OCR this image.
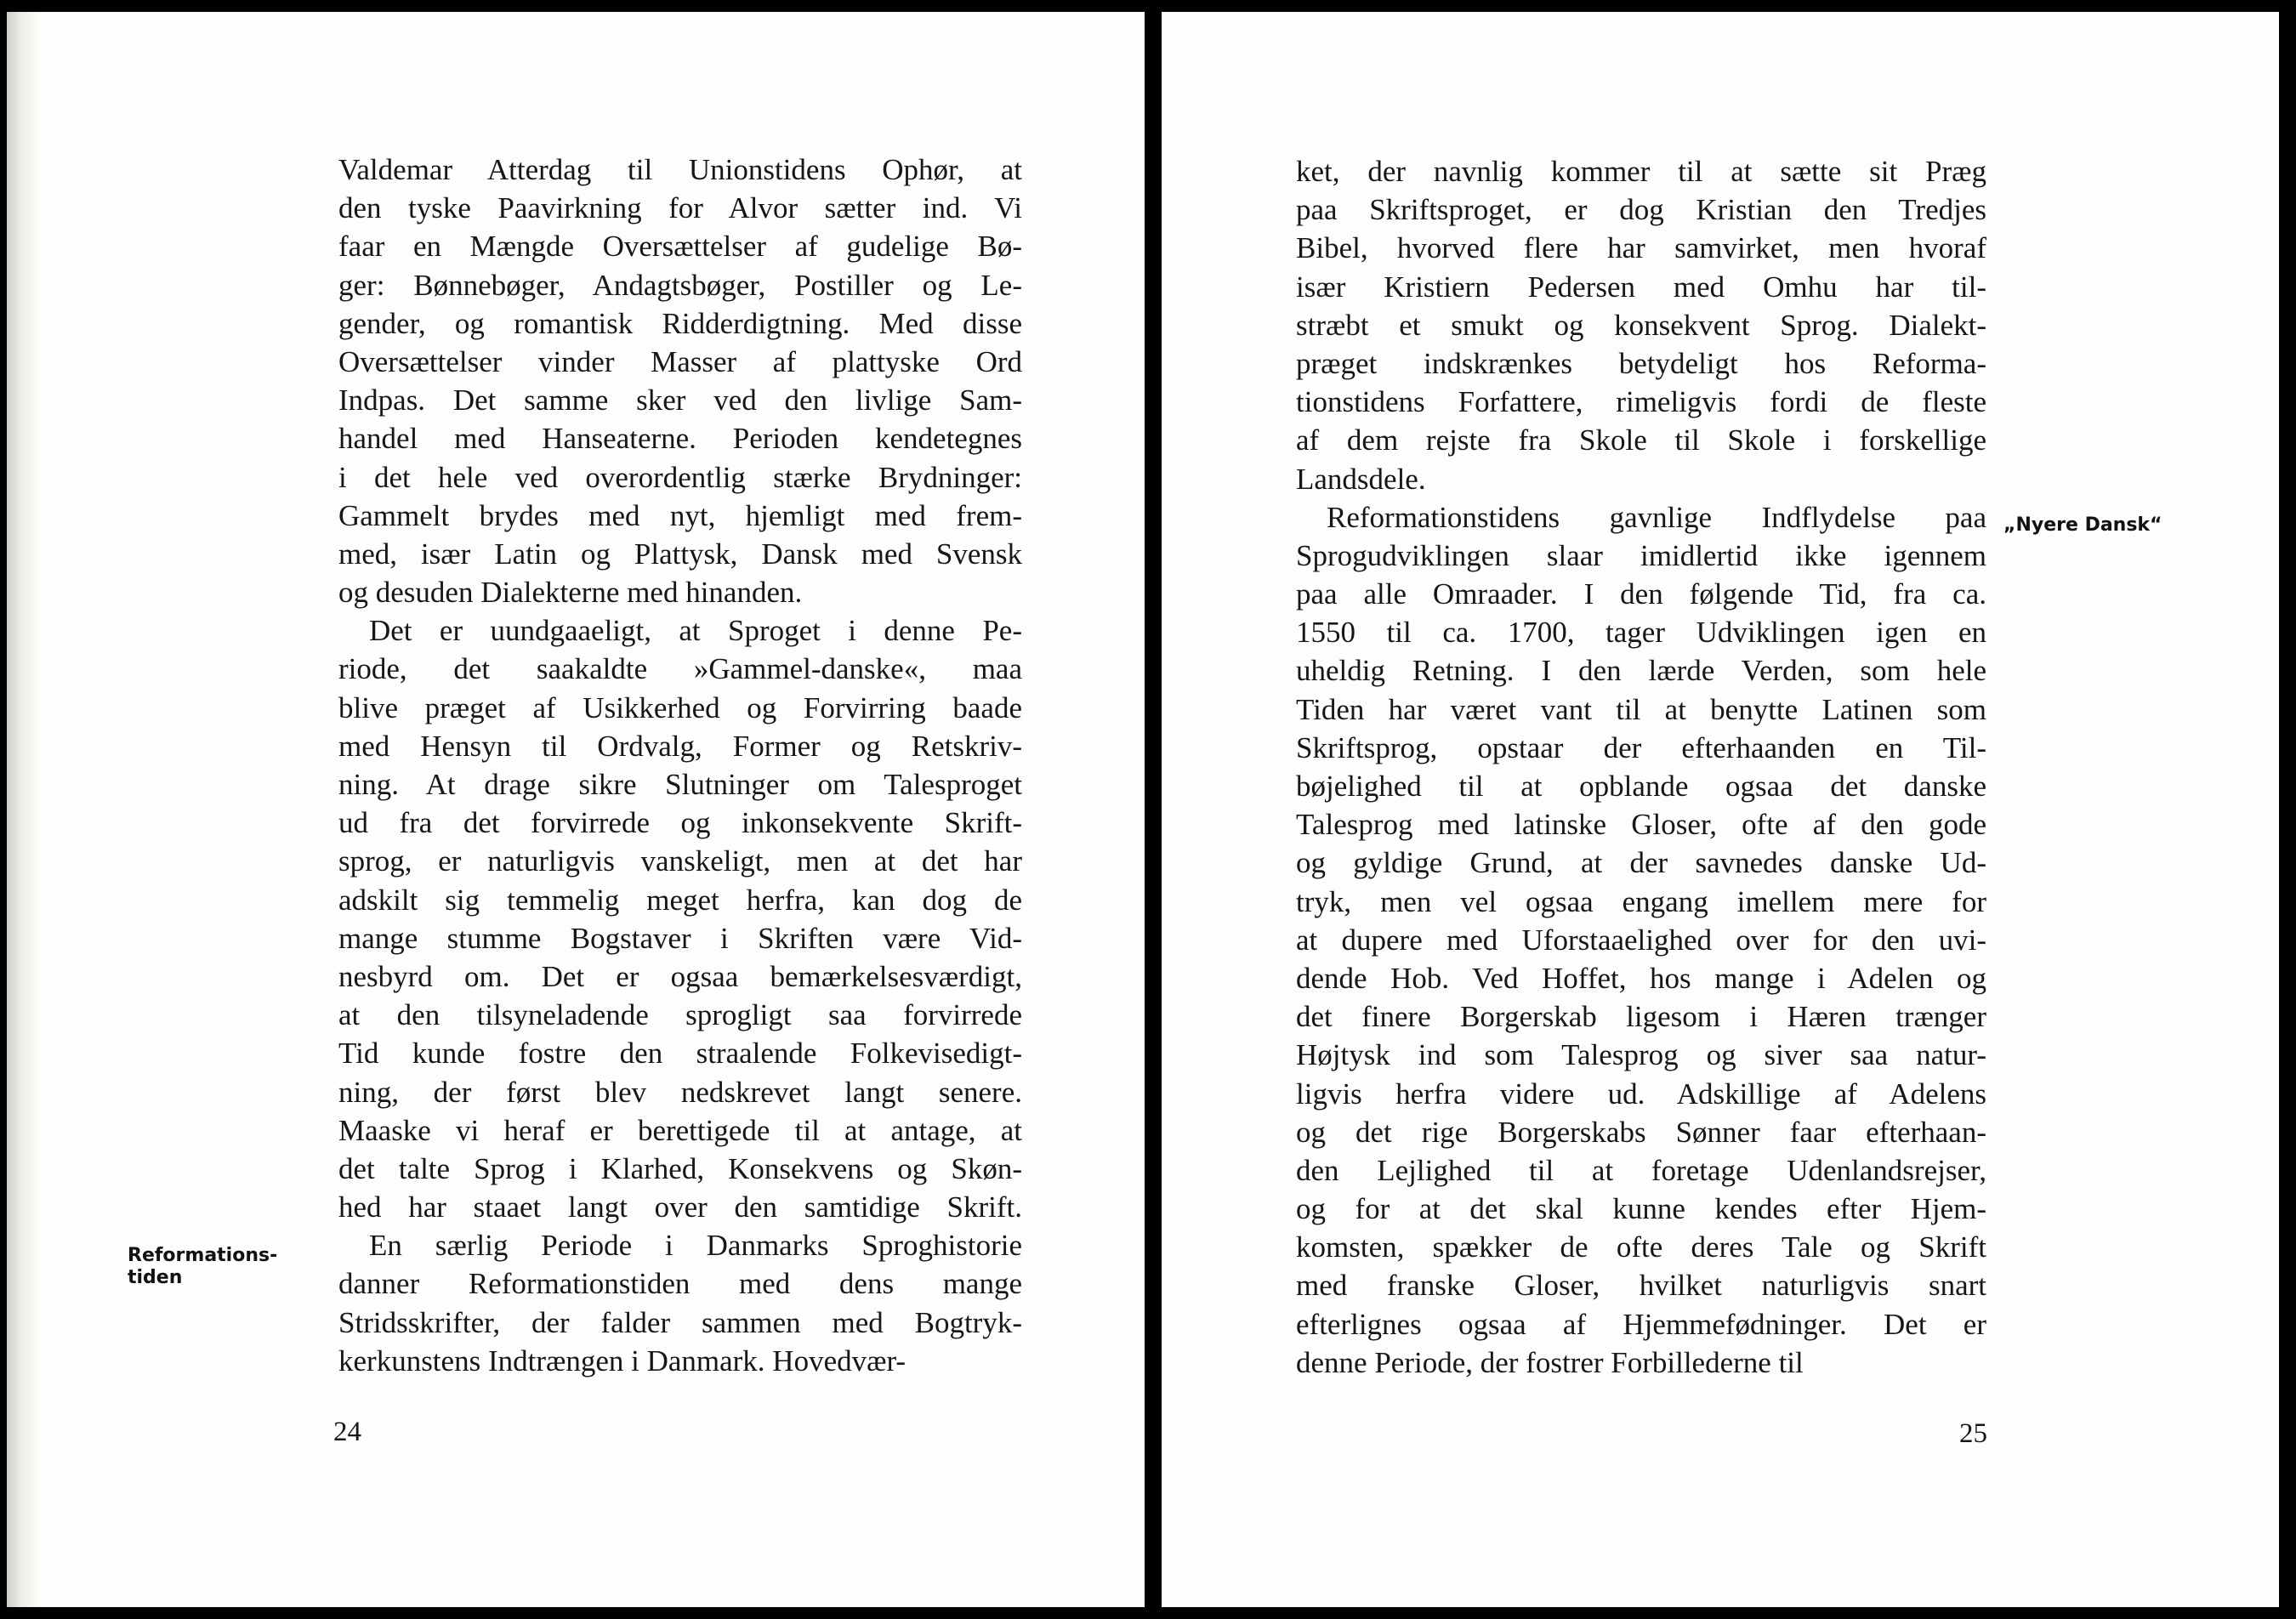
Valdemar Atterdag til Unionstidens Ophør, at
den tyske Paavirkning for Alvor sætter ind. Vi
faar en Mængde Oversættelser af gudelige Bø-
ger: Bønnebøger, Andagtsbøger, Postiller og Le-
gender, og romantisk Ridderdigtning. Med disse
Oversættelser vinder Masser af plattyske Ord
Indpas. Det samme sker ved den livlige Sam-
handel med Hanseaterne. Perioden kendetegnes
i det hele ved overordentlig stærke Brydninger:
Gammelt brydes med nyt, hjemligt med frem-
med, især Latin og Plattysk, Dansk med Svensk
og desuden Dialekterne med hinanden.
Det er uundgaaeligt, at Sproget i denne Pe-
riode, det saakaldte »Gammel-danske«, maa
blive præget af Usikkerhed og Forvirring baade
med Hensyn til Ordvalg, Former og Retskriv-
ning. At drage sikre Slutninger om Talesproget
ud fra det forvirrede og inkonsekvente Skrift-
sprog, er naturligvis vanskeligt, men at det har
adskilt sig temmelig meget herfra, kan dog de
mange stumme Bogstaver i Skriften være Vid-
nesbyrd om. Det er ogsaa bemærkelsesværdigt,
at den tilsyneladende sprogligt saa forvirrede
Tid kunde fostre den straalende Folkevisedigt-
ning, der først blev nedskrevet langt senere.
Maaske vi heraf er berettigede til at antage, at
det talte Sprog i Klarhed, Konsekvens og Skøn-
hed har staaet langt over den samtidige Skrift.
En særlig Periode i Danmarks Sproghistorie
danner Reformationstiden med dens mange
Stridsskrifter, der falder sammen med Bogtryk-
kerkunstens Indtrængen i Danmark. Hovedvær-
Reformations-
tiden
24
ket, der navnlig kommer til at sætte sit Præg
paa Skriftsproget, er dog Kristian den Tredjes
Bibel, hvorved flere har samvirket, men hvoraf
især Kristiern Pedersen med Omhu har til-
stræbt et smukt og konsekvent Sprog. Dialekt-
præget indskrænkes betydeligt hos Reforma-
tionstidens Forfattere, rimeligvis fordi de fleste
af dem rejste fra Skole til Skole i forskellige
Landsdele.
Reformationstidens gavnlige Indflydelse paa
Sprogudviklingen slaar imidlertid ikke igennem
paa alle Omraader. I den følgende Tid, fra ca.
1550 til ca. 1700, tager Udviklingen igen en
uheldig Retning. I den lærde Verden, som hele
Tiden har været vant til at benytte Latinen som
Skriftsprog, opstaar der efterhaanden en Til-
bøjelighed til at opblande ogsaa det danske
Talesprog med latinske Gloser, ofte af den gode
og gyldige Grund, at der savnedes danske Ud-
tryk, men vel ogsaa engang imellem mere for
at dupere med Uforstaaelighed over for den uvi-
dende Hob. Ved Hoffet, hos mange i Adelen og
det finere Borgerskab ligesom i Hæren trænger
Højtysk ind som Talesprog og siver saa natur-
ligvis herfra videre ud. Adskillige af Adelens
og det rige Borgerskabs Sønner faar efterhaan-
den Lejlighed til at foretage Udenlandsrejser,
og for at det skal kunne kendes efter Hjem-
komsten, spækker de ofte deres Tale og Skrift
med franske Gloser, hvilket naturligvis snart
efterlignes ogsaa af Hjemmefødninger. Det er
denne Periode, der fostrer Forbillederne til
„Nyere Dansk“
25
